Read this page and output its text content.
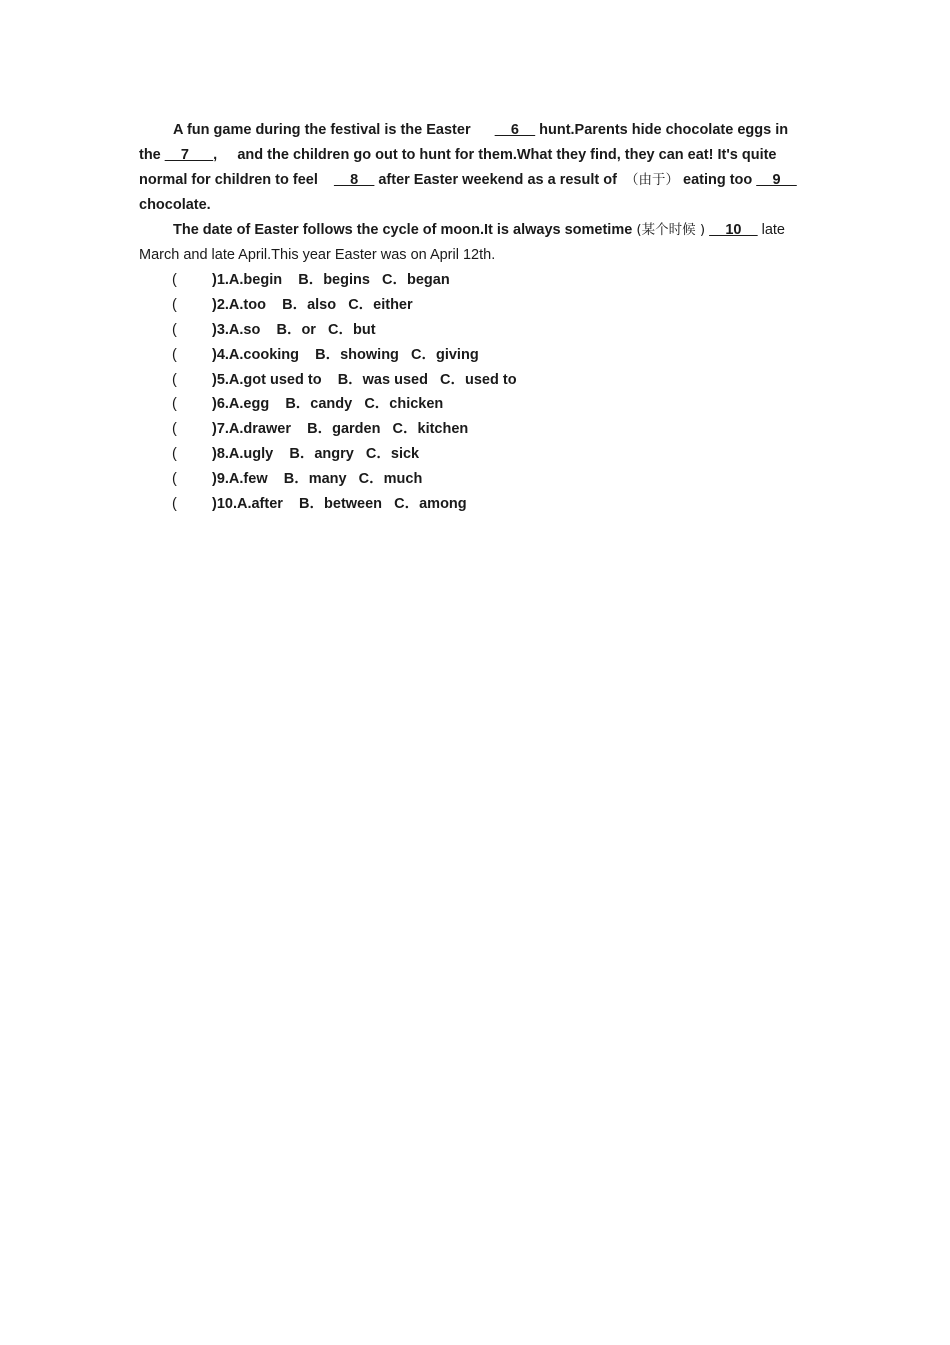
A fun game during the festival is the Easter __6__ hunt.Parents hide chocolate eggs in
the __7___, and the children go out to hunt for them.What they find, they can eat! It's quite
normal for children to feel __8__ after Easter weekend as a result of （由于） eating too __9__
chocolate.
The date of Easter follows the cycle of moon.It is always sometime (某个时候 ) __10__ late
March and late April.This year Easter was on April 12th.
( )1.A.begin B．begins C．began
( )2.A.too B．also C．either
( )3.A.so B．or C．but
( )4.A.cooking B．showing C．giving
( )5.A.got used to B．was used C．used to
( )6.A.egg B．candy C．chicken
( )7.A.drawer B．garden C．kitchen
( )8.A.ugly B．angry C．sick
( )9.A.few B．many C．much
( )10.A.after B．between C．among
